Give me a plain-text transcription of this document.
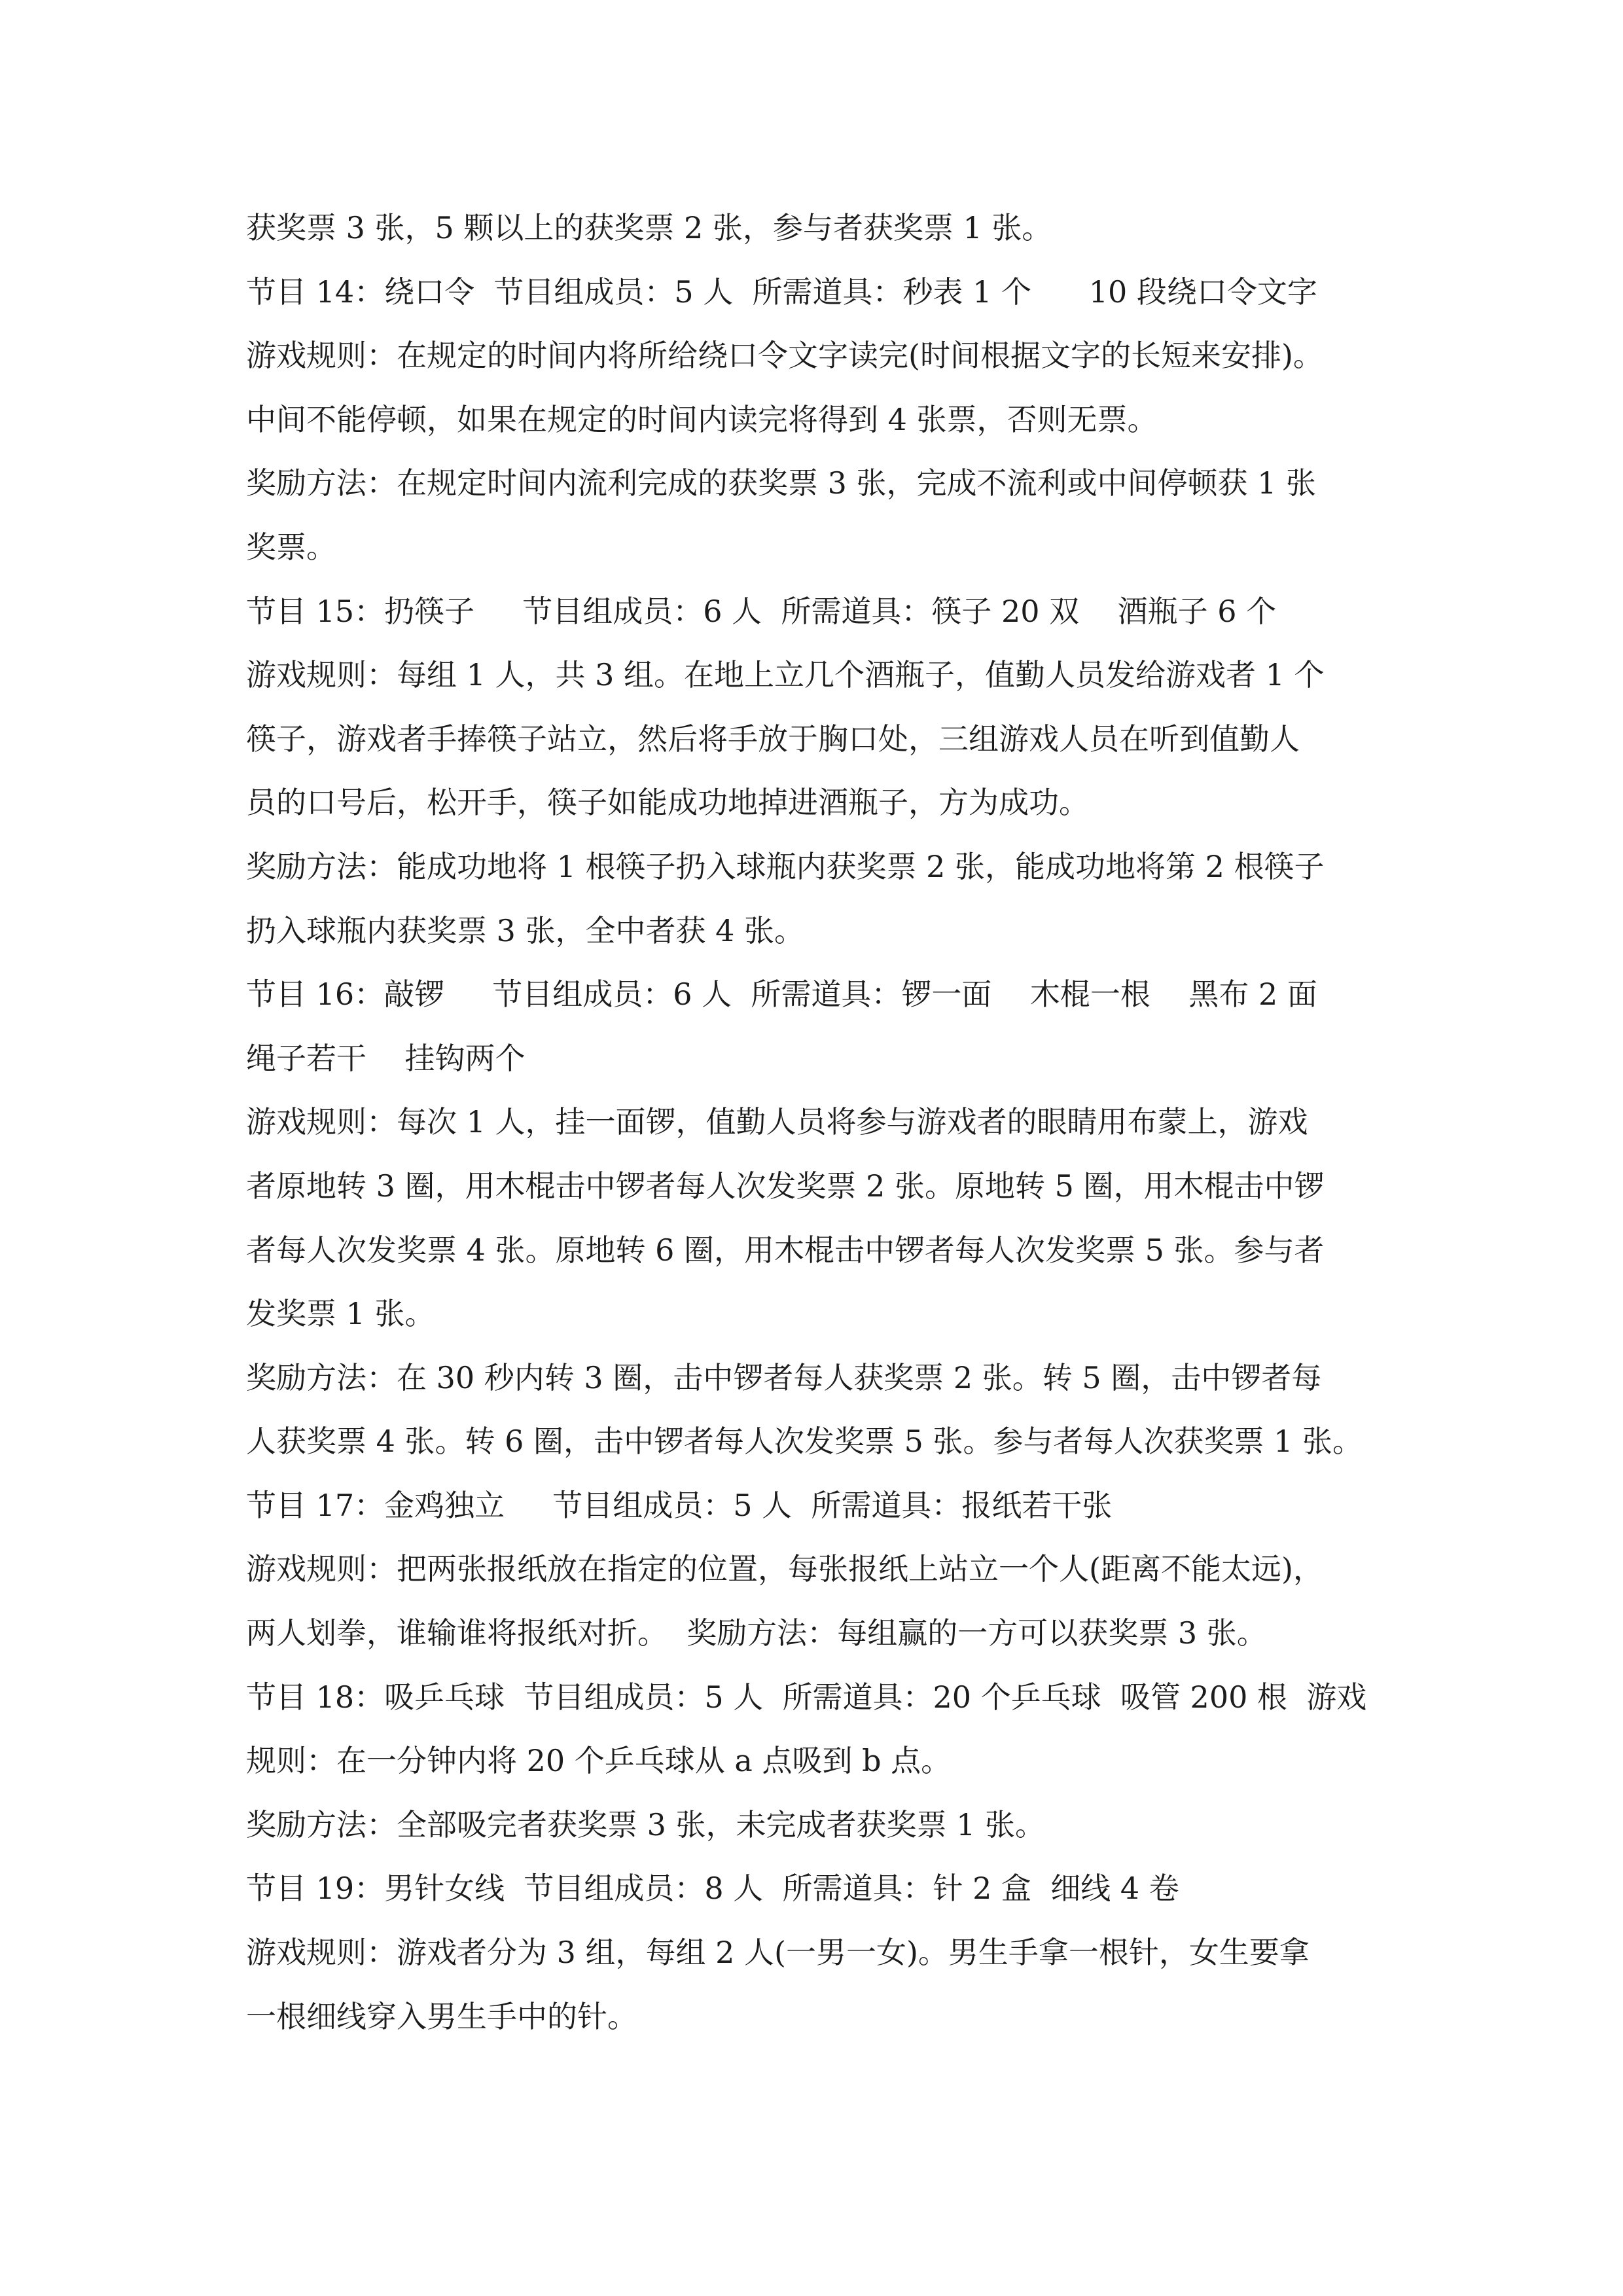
获奖票 3 张，5 颗以上的获奖票 2 张，参与者获奖票 1 张。
节目 14：绕口令  节目组成员：5 人  所需道具：秒表 1 个      10 段绕口令文字
游戏规则：在规定的时间内将所给绕口令文字读完(时间根据文字的长短来安排)。
中间不能停顿，如果在规定的时间内读完将得到 4 张票，否则无票。
奖励方法：在规定时间内流利完成的获奖票 3 张，完成不流利或中间停顿获 1 张
奖票。
节目 15：扔筷子     节目组成员：6 人  所需道具：筷子 20 双    酒瓶子 6 个
游戏规则：每组 1 人，共 3 组。在地上立几个酒瓶子，值勤人员发给游戏者 1 个
筷子，游戏者手捧筷子站立，然后将手放于胸口处，三组游戏人员在听到值勤人
员的口号后，松开手，筷子如能成功地掉进酒瓶子，方为成功。
奖励方法：能成功地将 1 根筷子扔入球瓶内获奖票 2 张，能成功地将第 2 根筷子
扔入球瓶内获奖票 3 张，全中者获 4 张。
节目 16：敲锣     节目组成员：6 人  所需道具：锣一面    木棍一根    黑布 2 面
绳子若干    挂钩两个
游戏规则：每次 1 人，挂一面锣，值勤人员将参与游戏者的眼睛用布蒙上，游戏
者原地转 3 圈，用木棍击中锣者每人次发奖票 2 张。原地转 5 圈，用木棍击中锣
者每人次发奖票 4 张。原地转 6 圈，用木棍击中锣者每人次发奖票 5 张。参与者
发奖票 1 张。
奖励方法：在 30 秒内转 3 圈，击中锣者每人获奖票 2 张。转 5 圈，击中锣者每
人获奖票 4 张。转 6 圈，击中锣者每人次发奖票 5 张。参与者每人次获奖票 1 张。
节目 17：金鸡独立     节目组成员：5 人  所需道具：报纸若干张
游戏规则：把两张报纸放在指定的位置，每张报纸上站立一个人(距离不能太远)，
两人划拳，谁输谁将报纸对折。  奖励方法：每组赢的一方可以获奖票 3 张。
节目 18：吸乒乓球  节目组成员：5 人  所需道具：20 个乒乓球  吸管 200 根  游戏
规则：在一分钟内将 20 个乒乓球从 a 点吸到 b 点。
奖励方法：全部吸完者获奖票 3 张，未完成者获奖票 1 张。
节目 19：男针女线  节目组成员：8 人  所需道具：针 2 盒  细线 4 卷
游戏规则：游戏者分为 3 组，每组 2 人(一男一女)。男生手拿一根针，女生要拿
一根细线穿入男生手中的针。
